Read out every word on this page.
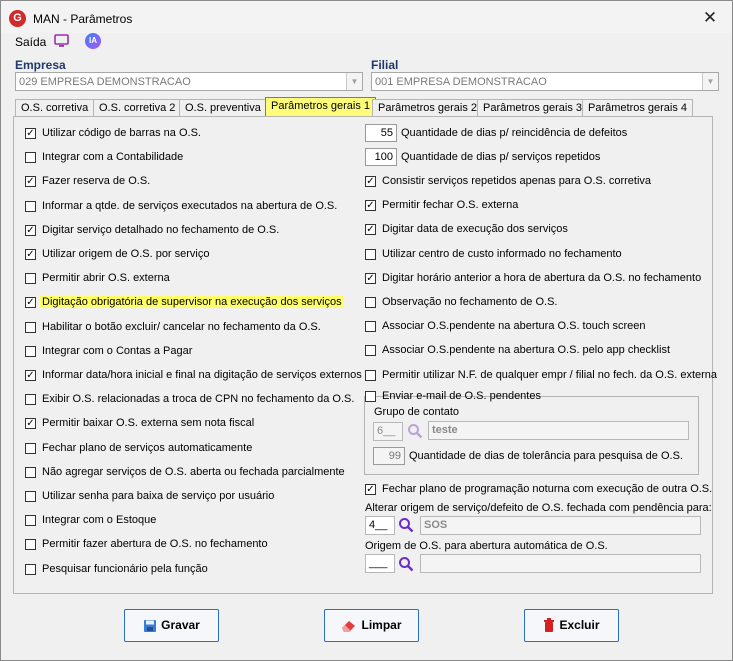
G MAN - Parâmetros	✕
Saída	IA
Empresa
029 EMPRESA DEMONSTRACAO	▼
Filial
001 EMPRESA DEMONSTRACAO	▼
O.S. corretiva O.S. corretiva 2 O.S. preventiva Parâmetros gerais 1 Parâmetros gerais 2 Parâmetros gerais 3 Parâmetros gerais 4
✓ Utilizar código de barras na O.S.
Integrar com a Contabilidade
✓ Fazer reserva de O.S.
Informar a qtde. de serviços executados na abertura de O.S.
✓ Digitar serviço detalhado no fechamento de O.S.
✓ Utilizar origem de O.S. por serviço
Permitir abrir O.S. externa
✓ Digitação obrigatória de supervisor na execução dos serviços
Habilitar o botão excluir/ cancelar no fechamento da O.S.
Integrar com o Contas a Pagar
✓ Informar data/hora inicial e final na digitação de serviços externos
Exibir O.S. relacionadas a troca de CPN no fechamento da O.S.
✓ Permitir baixar O.S. externa sem nota fiscal
Fechar plano de serviços automaticamente
Não agregar serviços de O.S. aberta ou fechada parcialmente
Utilizar senha para baixa de serviço por usuário
Integrar com o Estoque
Permitir fazer abertura de O.S. no fechamento
Pesquisar funcionário pela função
55 Quantidade de dias p/ reincidência de defeitos
100 Quantidade de dias p/ serviços repetidos
✓ Consistir serviços repetidos apenas para O.S. corretiva
✓ Permitir fechar O.S. externa
✓ Digitar data de execução dos serviços
Utilizar centro de custo informado no fechamento
✓ Digitar horário anterior a hora de abertura da O.S. no fechamento
Observação no fechamento de O.S.
Associar O.S.pendente na abertura O.S. touch screen
Associar O.S.pendente na abertura O.S. pelo app checklist
Permitir utilizar N.F. de qualquer empr / filial no fech. da O.S. externa
Enviar e-mail de O.S. pendentes
Grupo de contato
6__	teste
99 Quantidade de dias de tolerância para pesquisa de O.S.
✓ Fechar plano de programação noturna com execução de outra O.S.
Alterar origem de serviço/defeito de O.S. fechada com pendência para:
4__	SOS
Origem de O.S. para abertura automática de O.S.
___
Gravar	Limpar	Excluir
